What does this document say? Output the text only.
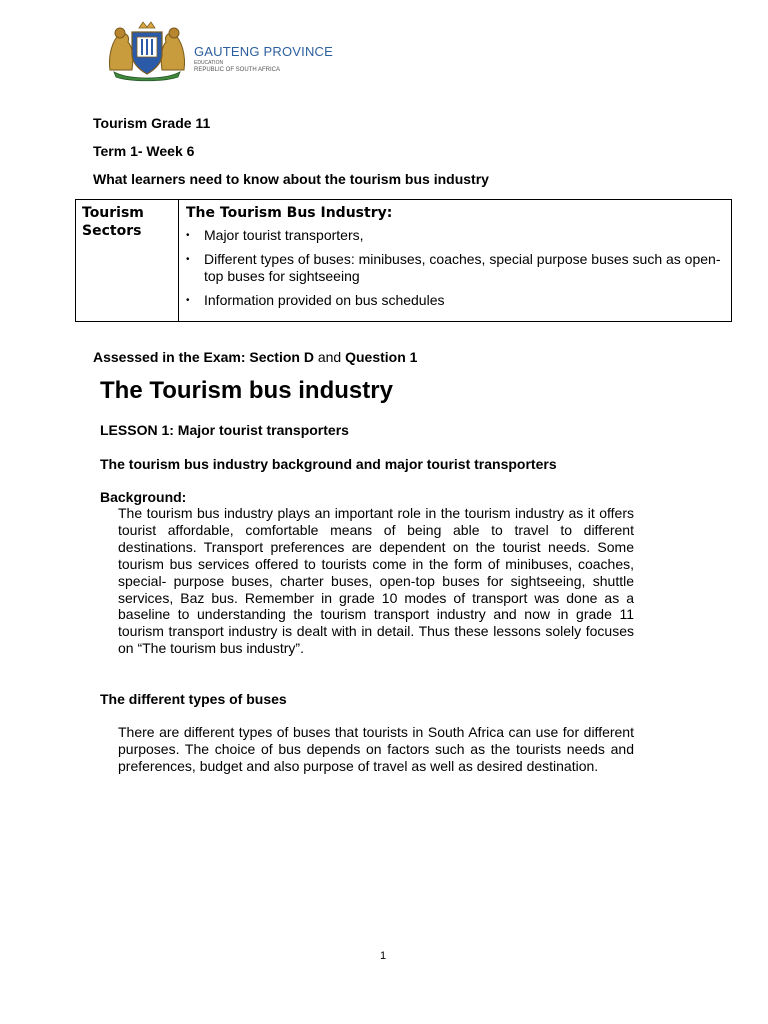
GAUTENG PROVINCE
EDUCATION
REPUBLIC OF SOUTH AFRICA
Tourism Grade 11
Term 1- Week 6
What learners need to know about the tourism bus industry
Tourism Sectors	
The Tourism Bus Industry:
• Major tourist transporters,
• Different types of buses: minibuses, coaches, special purpose buses such as open-top buses for sightseeing
• Information provided on bus schedules
Assessed in the Exam: Section D and Question 1
The Tourism bus industry
LESSON 1: Major tourist transporters
The tourism bus industry background and major tourist transporters
Background:
The tourism bus industry plays an important role in the tourism industry as it offers tourist affordable, comfortable means of being able to travel to different destinations. Transport preferences are dependent on the tourist needs. Some tourism bus services offered to tourists come in the form of minibuses, coaches, special- purpose buses, charter buses, open-top buses for sightseeing, shuttle services, Baz bus. Remember in grade 10 modes of transport was done as a baseline to understanding the tourism transport industry and now in grade 11 tourism transport industry is dealt with in detail. Thus these lessons solely focuses on “The tourism bus industry”.
The different types of buses
There are different types of buses that tourists in South Africa can use for different purposes. The choice of bus depends on factors such as the tourists needs and preferences, budget and also purpose of travel as well as desired destination.
1
